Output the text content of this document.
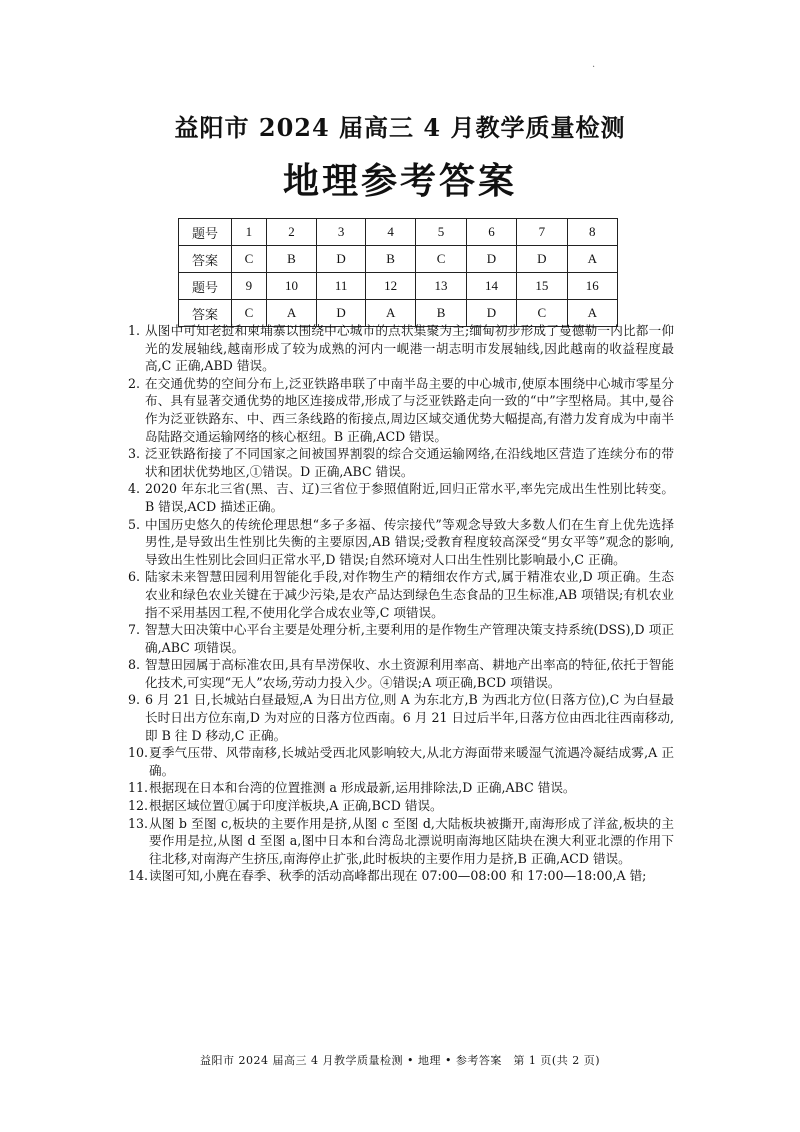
·
益阳市 2024 届高三 4 月教学质量检测
地理参考答案
题号	1	2	3	4	5	6	7	8
答案	C	B	D	B	C	D	D	A
题号	9	10	11	12	13	14	15	16
答案	C	A	D	A	B	D	C	A
1. 从图中可知老挝和柬埔寨以围绕中心城市的点状集聚为主;缅甸初步形成了曼德勒一内比都一仰光的发展轴线,越南形成了较为成熟的河内一岘港一胡志明市发展轴线,因此越南的收益程度最高,C 正确,ABD 错误。
2. 在交通优势的空间分布上,泛亚铁路串联了中南半岛主要的中心城市,使原本围绕中心城市零星分布、具有显著交通优势的地区连接成带,形成了与泛亚铁路走向一致的“中”字型格局。其中,曼谷作为泛亚铁路东、中、西三条线路的衔接点,周边区域交通优势大幅提高,有潜力发育成为中南半岛陆路交通运输网络的核心枢纽。B 正确,ACD 错误。
3. 泛亚铁路衔接了不同国家之间被国界割裂的综合交通运输网络,在沿线地区营造了连续分布的带状和团状优势地区,①错误。D 正确,ABC 错误。
4. 2020 年东北三省(黑、吉、辽)三省位于参照值附近,回归正常水平,率先完成出生性别比转变。B 错误,ACD 描述正确。
5. 中国历史悠久的传统伦理思想“多子多福、传宗接代”等观念导致大多数人们在生育上优先选择男性,是导致出生性别比失衡的主要原因,AB 错误;受教育程度较高深受“男女平等”观念的影响,导致出生性别比会回归正常水平,D 错误;自然环境对人口出生性别比影响最小,C 正确。
6. 陆家未来智慧田园利用智能化手段,对作物生产的精细农作方式,属于精准农业,D 项正确。生态农业和绿色农业关键在于减少污染,是农产品达到绿色生态食品的卫生标准,AB 项错误;有机农业指不采用基因工程,不使用化学合成农业等,C 项错误。
7. 智慧大田决策中心平台主要是处理分析,主要利用的是作物生产管理决策支持系统(DSS),D 项正确,ABC 项错误。
8. 智慧田园属于高标准农田,具有旱涝保收、水土资源利用率高、耕地产出率高的特征,依托于智能化技术,可实现“无人”农场,劳动力投入少。④错误;A 项正确,BCD 项错误。
9. 6 月 21 日,长城站白昼最短,A 为日出方位,则 A 为东北方,B 为西北方位(日落方位),C 为白昼最长时日出方位东南,D 为对应的日落方位西南。6 月 21 日过后半年,日落方位由西北往西南移动,即 B 往 D 移动,C 正确。
10. 夏季气压带、风带南移,长城站受西北风影响较大,从北方海面带来暖湿气流遇冷凝结成雾,A 正确。
11. 根据现在日本和台湾的位置推测 a 形成最新,运用排除法,D 正确,ABC 错误。
12. 根据区域位置①属于印度洋板块,A 正确,BCD 错误。
13. 从图 b 至图 c,板块的主要作用是挤,从图 c 至图 d,大陆板块被撕开,南海形成了洋盆,板块的主要作用是拉,从图 d 至图 a,图中日本和台湾岛北漂说明南海地区陆块在澳大利亚北漂的作用下往北移,对南海产生挤压,南海停止扩张,此时板块的主要作用力是挤,B 正确,ACD 错误。
14. 读图可知,小麂在春季、秋季的活动高峰都出现在 07:00—08:00 和 17:00—18:00,A 错;
益阳市 2024 届高三 4 月教学质量检测 • 地理 • 参考答案　第 1 页(共 2 页)
